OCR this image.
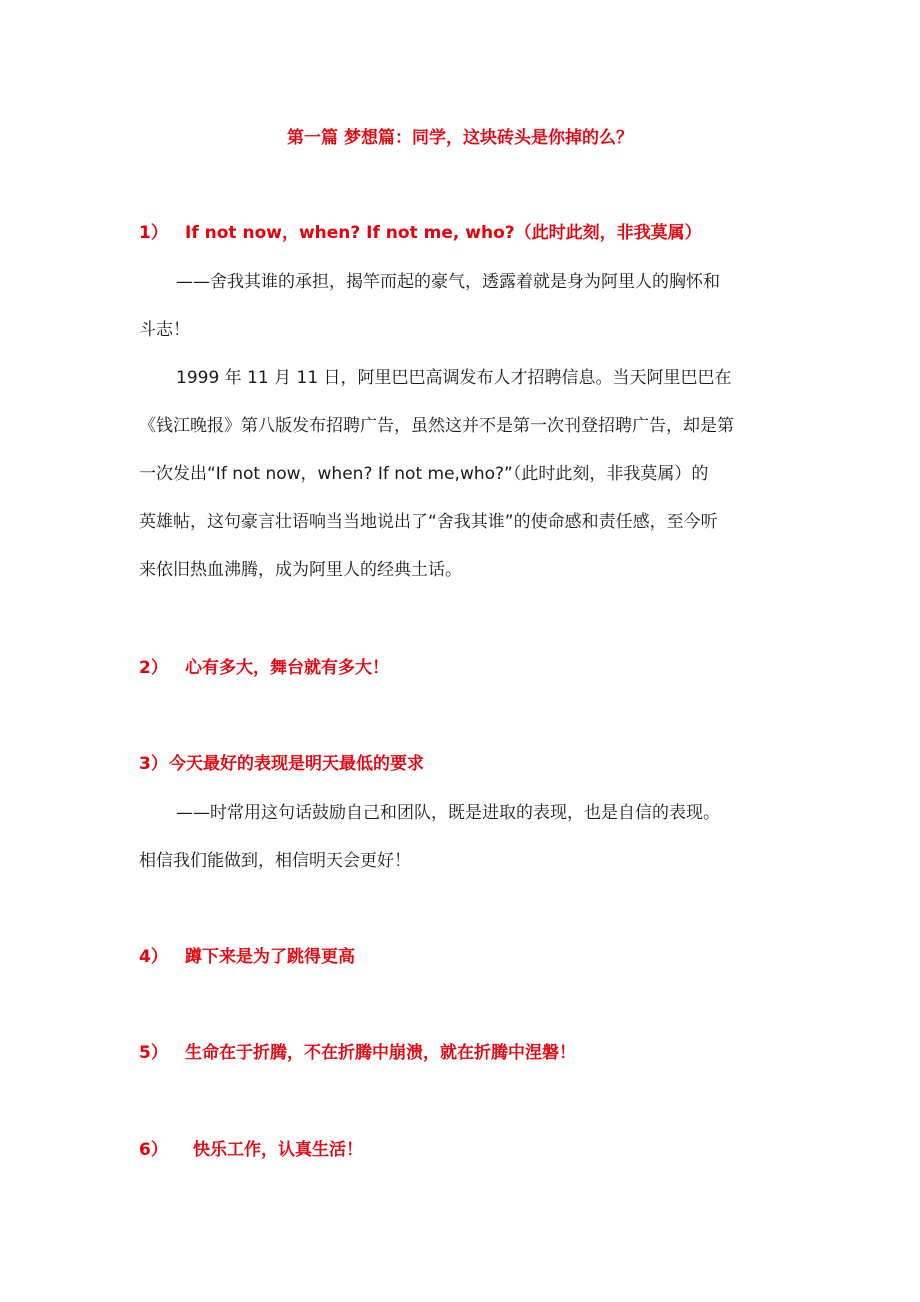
第一篇 梦想篇：同学，这块砖头是你掉的么？
1） If not now，when? If not me, who?（此时此刻，非我莫属）
——舍我其谁的承担，揭竿而起的豪气，透露着就是身为阿里人的胸怀和
斗志！
1999 年 11 月 11 日，阿里巴巴高调发布人才招聘信息。当天阿里巴巴在
《钱江晚报》第八版发布招聘广告，虽然这并不是第一次刊登招聘广告，却是第
一次发出“If not now，when? If not me,who?”（此时此刻，非我莫属）的
英雄帖，这句豪言壮语响当当地说出了“舍我其谁”的使命感和责任感，至今听
来依旧热血沸腾，成为阿里人的经典土话。
2） 心有多大，舞台就有多大！
3）今天最好的表现是明天最低的要求
——时常用这句话鼓励自己和团队，既是进取的表现，也是自信的表现。
相信我们能做到，相信明天会更好！
4） 蹲下来是为了跳得更高
5） 生命在于折腾，不在折腾中崩溃，就在折腾中涅磐！
6） 快乐工作，认真生活！
